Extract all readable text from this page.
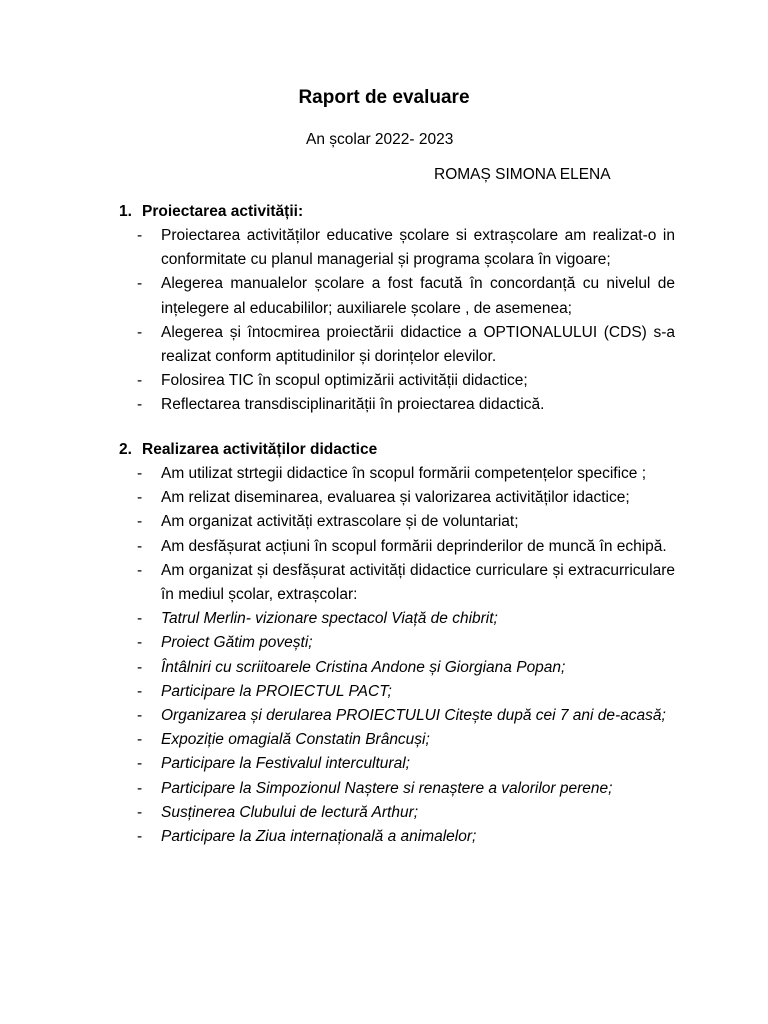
Raport de evaluare
An școlar 2022- 2023
ROMAȘ SIMONA ELENA
1. Proiectarea activității:
- Proiectarea activităților educative școlare si extrașcolare am realizat-o in conformitate cu planul managerial și programa școlara în vigoare;
- Alegerea manualelor școlare a fost facută în concordanță cu nivelul de ințelegere al educabililor; auxiliarele școlare , de asemenea;
- Alegerea și întocmirea proiectării didactice a OPTIONALULUI (CDS) s-a realizat conform aptitudinilor și dorințelor elevilor.
- Folosirea TIC în scopul optimizării activității didactice;
- Reflectarea transdisciplinarității în proiectarea didactică.
2. Realizarea activităților didactice
- Am utilizat strtegii didactice în scopul formării competențelor specifice ;
- Am relizat diseminarea, evaluarea și valorizarea activităților idactice;
- Am organizat activități extrascolare și de voluntariat;
- Am desfășurat acțiuni în scopul formării deprinderilor de muncă în echipă.
- Am organizat și desfășurat activități didactice curriculare și extracurriculare în mediul școlar, extrașcolar:
- Tatrul Merlin- vizionare spectacol Viață de chibrit;
- Proiect Gătim povești;
- Întâlniri cu scriitoarele Cristina Andone și Giorgiana Popan;
- Participare la PROIECTUL PACT;
- Organizarea și derularea PROIECTULUI Citește după cei 7 ani de-acasă;
- Expoziție omagială Constatin Brâncuși;
- Participare la Festivalul intercultural;
- Participare la Simpozionul Naștere si renaștere a valorilor perene;
- Susținerea Clubului de lectură Arthur;
- Participare la Ziua internațională a animalelor;
